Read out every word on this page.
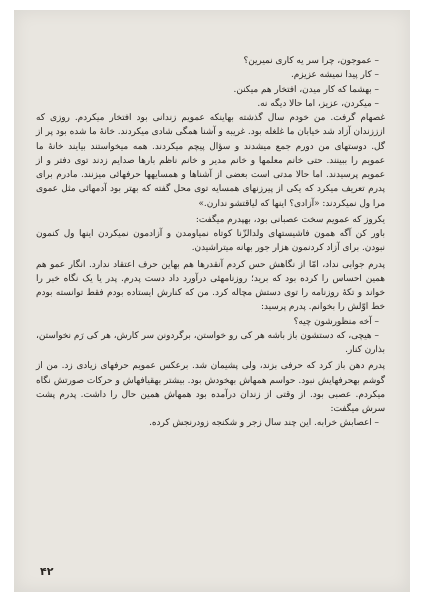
– عموجون، چرا سر یه کاری نمیرین؟

– کار پیدا نمیشه عزیزم.

– بهشما که کار میدن، افتخار هم میکنن.

– میکردن، عزیز، اما حالا دیگه نه.

غصهام گرفت. من خودم سال گذشته بهاینکه عمویم زندانی بود افتخار میکردم. روزی که ازززندان آزاد شد خیابان ما غلغله بود. غریبه و آشنا همگی شادی میکردند. خانهٔ ما شده بود پر از گل. دوستهای من دورم جمع میشدند و سؤال پیچم میکردند. همه میخواستند بیایند خانهٔ ما عمویم را ببینند. حتی خانم معلمها و خانم مدیر و خانم ناظم بارها صدایم زدند توی دفتر و از عمویم پرسیدند. اما حالا مدتی است بعضی از آشناها و همسایهها حرفهائی میزنند. مادرم برای پدرم تعریف میکرد که یکی از پیرزنهای همسایه توی محل گفته که بهتر بود آدمهائی مثل عموی مرا ول نمیکردند: «آزادی؟ اینها که لیاقتشو ندارن.»

یکروز که عمویم سخت عصبانی بود، بهپدرم میگفت:

باور کن آگه همون فاشیستهای ولدالزّنا کوتاه نمیاومدن و آزادمون نمیکردن اینها ول کنمون نبودن. برای آزاد کردنمون هزار جور بهانه میتراشیدن.

پدرم جوابی نداد، امّا از نگاهش حس کردم آنقدرها هم بهاین حرف اعتقاد ندارد. انگار عمو هم همین احساس را کرده بود که برید؛ روزنامهئی درآورد داد دست پدرم. پدر یا یک نگاه خبر را خواند و تکهٔ روزنامه را توی دستش مچاله کرد. من که کنارش ایستاده بودم فقط توانسته بودم خط اوّلش را بخوانم. پدرم پرسید:

– آخه منظورشون چیه؟

– هیچی، که دستشون باز باشه هر کی رو خواستن، برگردونن سر کارش، هر کی رَم نخواستن، بذارن کنار.

پدرم دهن باز کرد که حرفی بزند، ولی پشیمان شد. برعکس عمویم حرفهای زیادی زد. من از گوشم بهحرفهایش نبود. حواسم همهاش بهخودش بود. بیشتر بهقیافهاش و حرکات صورتش نگاه میکردم. عصبی بود. از وقتی از زندان درآمده بود همهاش همین حال را داشت. پدرم پشت سرش میگفت:

– اعصابش خرابه. این چند سال زجر و شکنجه زودرنجش کرده.

۴۲
